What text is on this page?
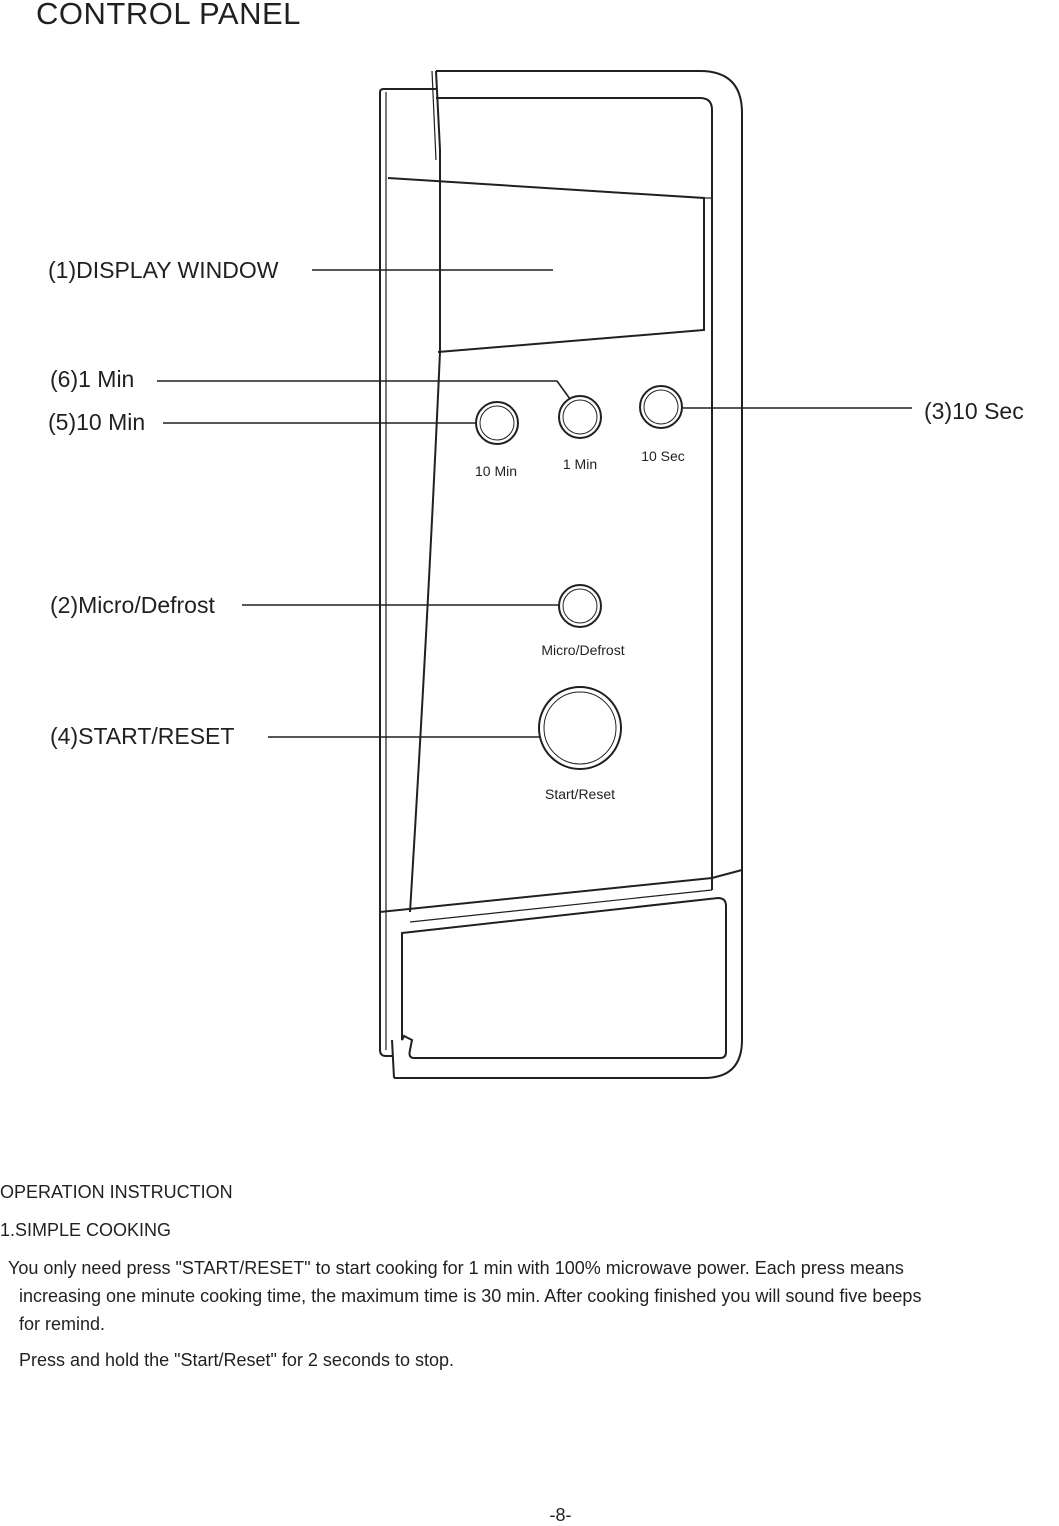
CONTROL PANEL
10 Min	1 Min	10 Sec
Micro/Defrost
Start/Reset
(1)DISPLAY WINDOW
(6)1 Min
(5)10 Min	(3)10 Sec
(2)Micro/Defrost
(4)START/RESET

OPERATION INSTRUCTION

1.SIMPLE COOKING

You only need press "START/RESET" to start cooking for 1 min with 100% microwave power. Each press means

increasing one minute cooking time, the maximum time is 30 min. After cooking finished you will sound five beeps

for remind.

Press and hold the "Start/Reset" for 2 seconds to stop.

-8-
